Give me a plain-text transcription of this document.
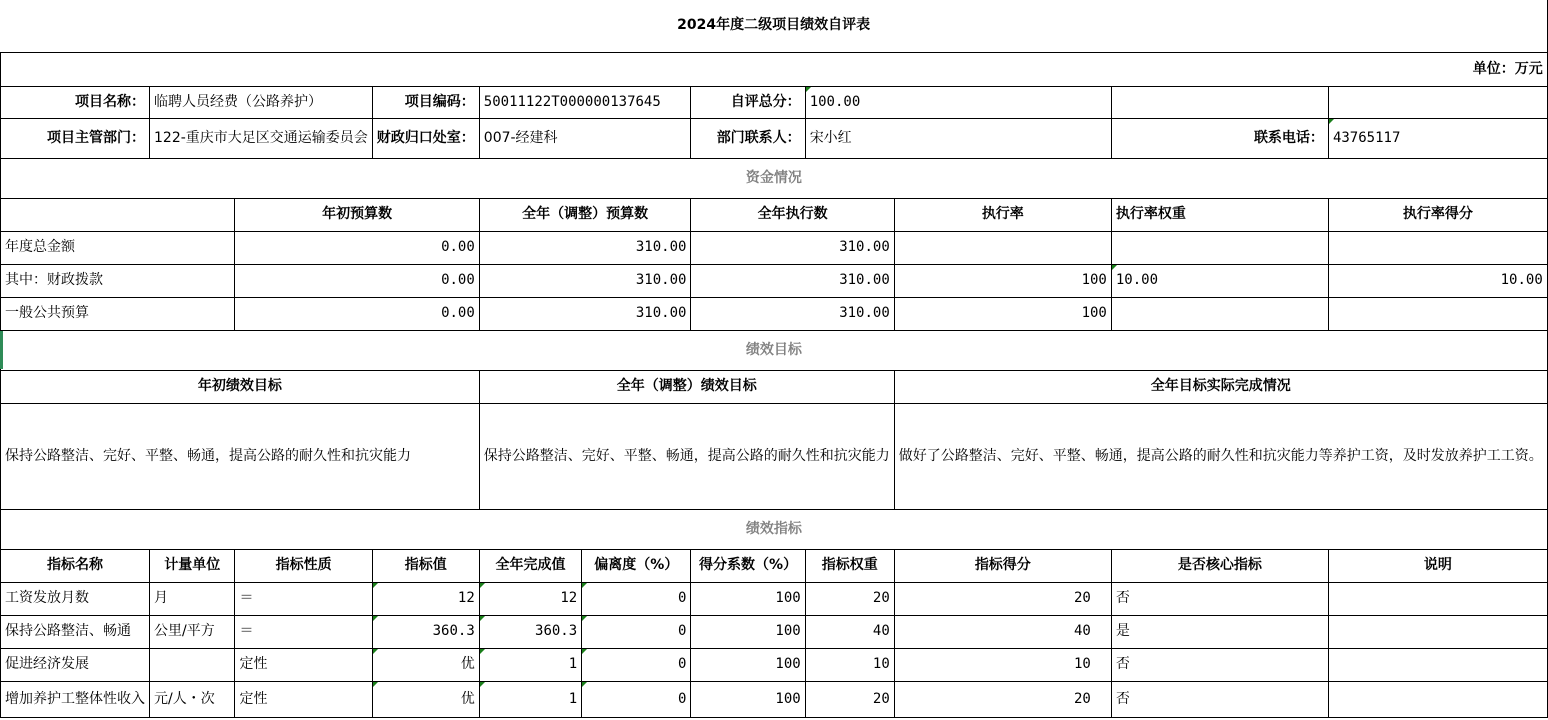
2024年度二级项目绩效自评表										
单位：万元										
项目名称：	临聘人员经费（公路养护）		项目编码：	50011122T000000137645		自评总分：	100.00			
项目主管部门：	122-重庆市大足区交通运输委员会		财政归口处室：	007-经建科		部门联系人：	宋小红		联系电话：	43765117
资金情况										
		年初预算数		全年（调整）预算数		全年执行数		执行率	执行率权重	执行率得分
年度总金额		0.00		310.00		310.00				
其中：财政拨款		0.00		310.00		310.00		100	10.00	10.00
一般公共预算		0.00		310.00		310.00		100		
绩效目标										
年初绩效目标				全年（调整）绩效目标				全年目标实际完成情况		
保持公路整洁、完好、平整、畅通，提高公路的耐久性和抗灾能力				保持公路整洁、完好、平整、畅通，提高公路的耐久性和抗灾能力				做好了公路整洁、完好、平整、畅通，提高公路的耐久性和抗灾能力等养护工资，及时发放养护工工资。		
绩效指标										
指标名称	计量单位	指标性质	指标值	全年完成值	偏离度（%）	得分系数（%）	指标权重	指标得分	是否核心指标	说明
工资发放月数	月	＝	12	12	0	100	20	20	否	
保持公路整洁、畅通	公里/平方	＝	360.3	360.3	0	100	40	40	是	
促进经济发展		定性	优	1	0	100	10	10	否	
增加养护工整体性收入	元/人・次	定性	优	1	0	100	20	20	否	
